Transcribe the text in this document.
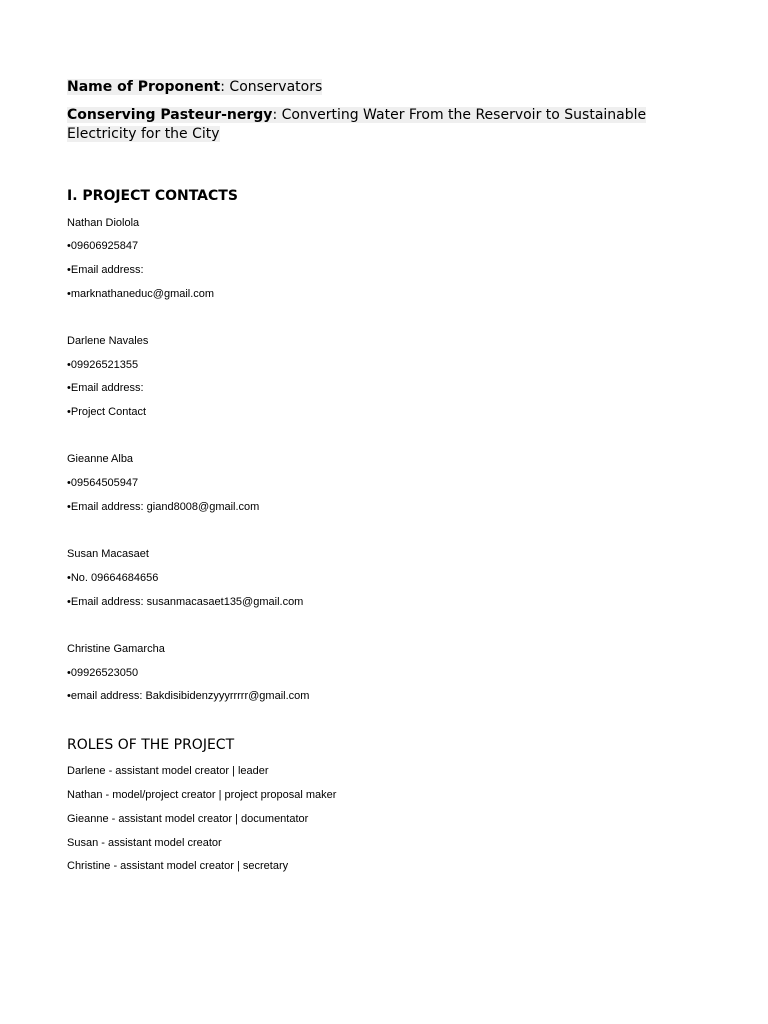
Name of Proponent: Conservators
Conserving Pasteur-nergy: Converting Water From the Reservoir to Sustainable Electricity for the City
I. PROJECT CONTACTS
Nathan Diolola
•09606925847
•Email address:
•marknathaneduc@gmail.com
Darlene Navales
•09926521355
•Email address:
•Project Contact
Gieanne Alba
•09564505947
•Email address: giand8008@gmail.com
Susan Macasaet
•No. 09664684656
•Email address: susanmacasaet135@gmail.com
Christine Gamarcha
•09926523050
•email address: Bakdisibidenzyyyrrrrr@gmail.com
ROLES OF THE PROJECT
Darlene - assistant model creator | leader
Nathan - model/project creator | project proposal maker
Gieanne - assistant model creator | documentator
Susan - assistant model creator
Christine - assistant model creator | secretary
